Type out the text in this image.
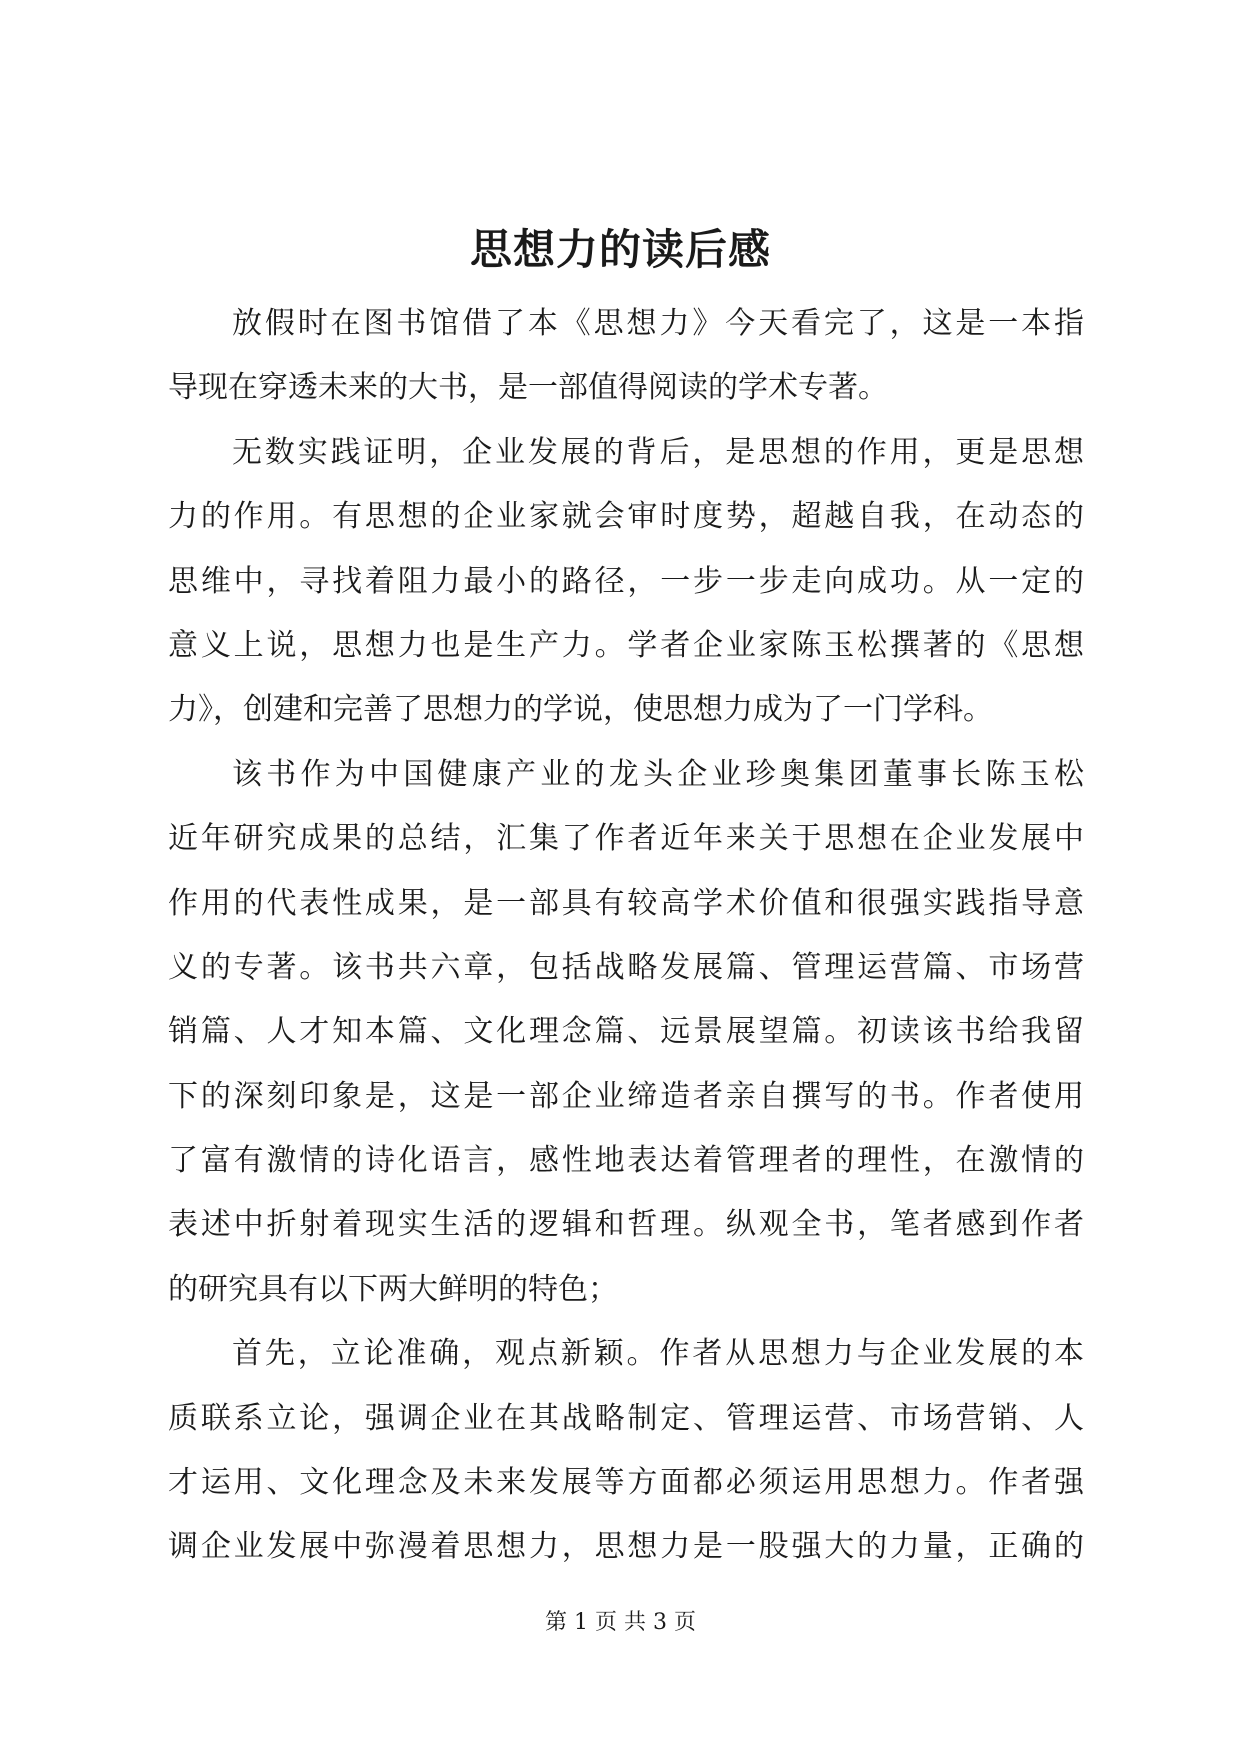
思想力的读后感
放假时在图书馆借了本《思想力》今天看完了，这是一本指
导现在穿透未来的大书，是一部值得阅读的学术专著。
无数实践证明，企业发展的背后，是思想的作用，更是思想
力的作用。有思想的企业家就会审时度势，超越自我，在动态的
思维中，寻找着阻力最小的路径，一步一步走向成功。从一定的
意义上说，思想力也是生产力。学者企业家陈玉松撰著的《思想
力》，创建和完善了思想力的学说，使思想力成为了一门学科。
该书作为中国健康产业的龙头企业珍奥集团董事长陈玉松
近年研究成果的总结，汇集了作者近年来关于思想在企业发展中
作用的代表性成果，是一部具有较高学术价值和很强实践指导意
义的专著。该书共六章，包括战略发展篇、管理运营篇、市场营
销篇、人才知本篇、文化理念篇、远景展望篇。初读该书给我留
下的深刻印象是，这是一部企业缔造者亲自撰写的书。作者使用
了富有激情的诗化语言，感性地表达着管理者的理性，在激情的
表述中折射着现实生活的逻辑和哲理。纵观全书，笔者感到作者
的研究具有以下两大鲜明的特色；
首先，立论准确，观点新颖。作者从思想力与企业发展的本
质联系立论，强调企业在其战略制定、管理运营、市场营销、人
才运用、文化理念及未来发展等方面都必须运用思想力。作者强
调企业发展中弥漫着思想力，思想力是一股强大的力量，正确的
第 1 页 共 3 页
